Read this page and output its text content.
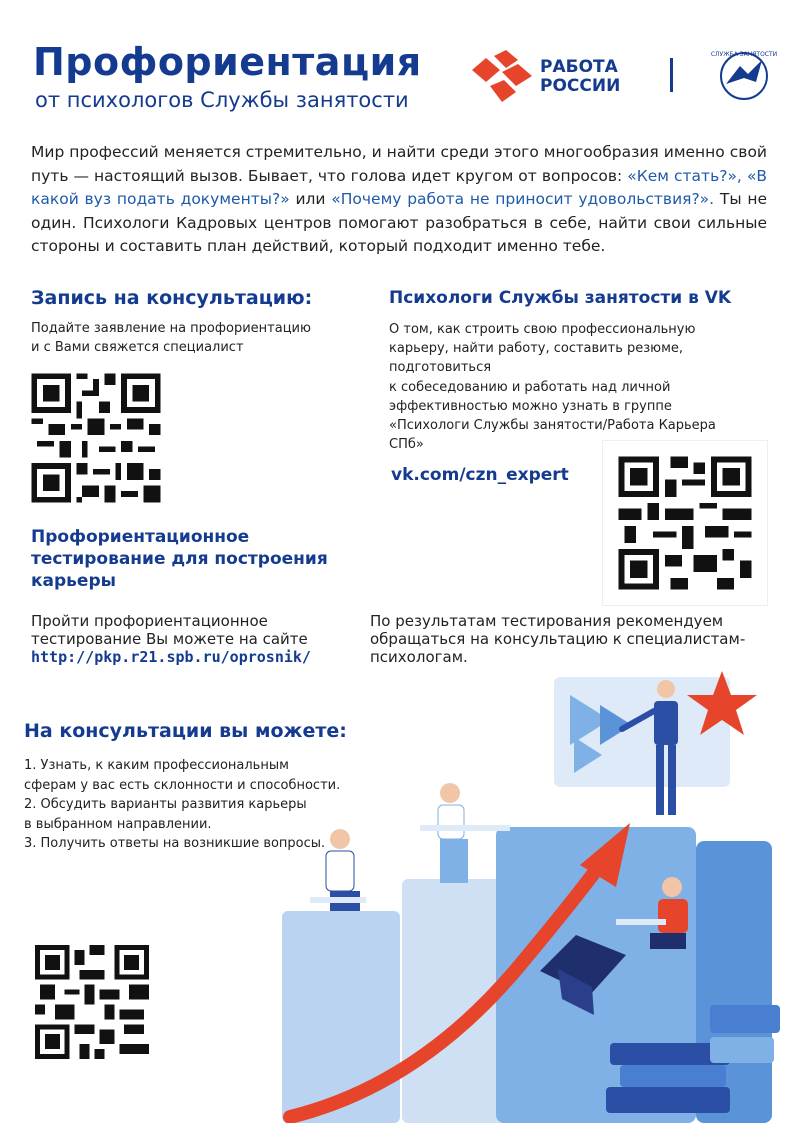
Профориентация
от психологов Службы занятости
РАБОТА
РОССИИ
СЛУЖБА ЗАНЯТОСТИ
Мир профессий меняется стремительно, и найти среди этого многообразия именно свой путь — настоящий вызов. Бывает, что голова идет кругом от вопросов: «Кем стать?», «В какой вуз подать документы?» или «Почему работа не приносит удовольствия?». Ты не один. Психологи Кадровых центров помогают разобраться в себе, найти свои сильные стороны и составить план действий, который подходит именно тебе.
Запись на консультацию:
Подайте заявление на профориентацию
и с Вами свяжется специалист
Психологи Службы занятости в VK
О том, как строить свою профессиональную
карьеру, найти работу, составить резюме,
подготовиться
к собеседованию и работать над личной
эффективностью можно узнать в группе
«Психологи Службы занятости/Работа Карьера
СПб»
vk.com/czn_expert
Профориентационное
тестирование для построения
карьеры
Пройти профориентационное
тестирование Вы можете на сайте
http://pkp.r21.spb.ru/oprosnik/
По результатам тестирования рекомендуем
обращаться на консультацию к специалистам-
психологам.
На консультации вы можете:
1. Узнать, к каким профессиональным
сферам у вас есть склонности и способности.
2. Обсудить варианты развития карьеры
в выбранном направлении.
3. Получить ответы на возникшие вопросы.
